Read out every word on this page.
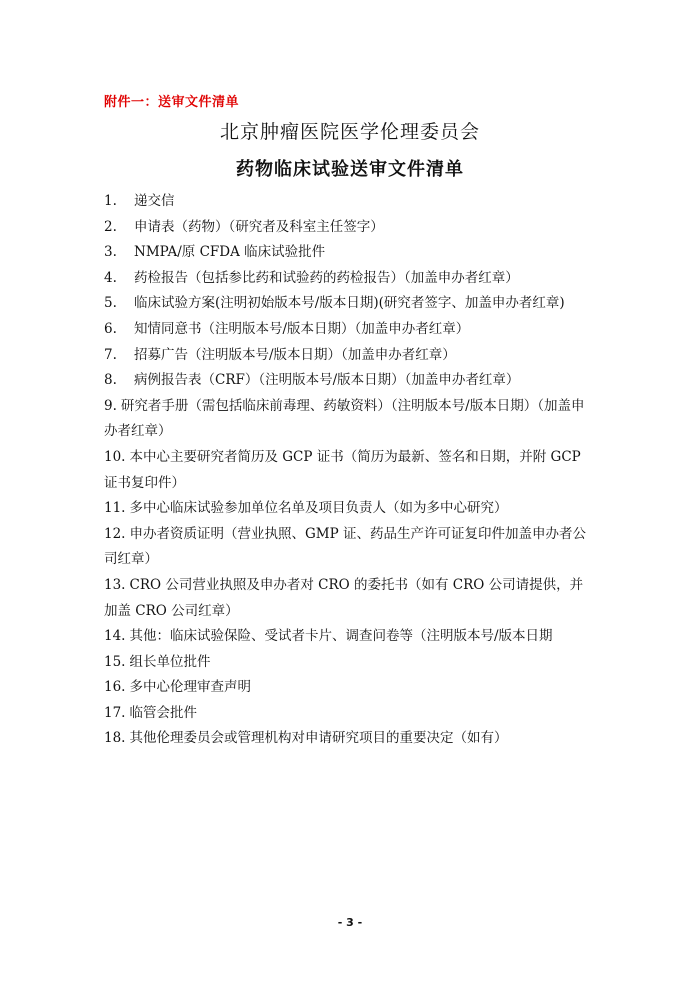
附件一：送审文件清单
北京肿瘤医院医学伦理委员会
药物临床试验送审文件清单
1. 递交信
2. 申请表（药物）（研究者及科室主任签字）
3. NMPA/原 CFDA 临床试验批件
4. 药检报告（包括参比药和试验药的药检报告）（加盖申办者红章）
5. 临床试验方案(注明初始版本号/版本日期)(研究者签字、加盖申办者红章)
6. 知情同意书（注明版本号/版本日期）（加盖申办者红章）
7. 招募广告（注明版本号/版本日期）（加盖申办者红章）
8. 病例报告表（CRF）（注明版本号/版本日期）（加盖申办者红章）
9. 研究者手册（需包括临床前毒理、药敏资料）（注明版本号/版本日期）（加盖申办者红章）
10. 本中心主要研究者简历及 GCP 证书（简历为最新、签名和日期，并附 GCP 证书复印件）
11. 多中心临床试验参加单位名单及项目负责人（如为多中心研究）
12. 申办者资质证明（营业执照、GMP 证、药品生产许可证复印件加盖申办者公司红章）
13. CRO 公司营业执照及申办者对 CRO 的委托书（如有 CRO 公司请提供，并加盖 CRO 公司红章）
14. 其他：临床试验保险、受试者卡片、调查问卷等（注明版本号/版本日期
15. 组长单位批件
16. 多中心伦理审查声明
17. 临管会批件
18. 其他伦理委员会或管理机构对申请研究项目的重要决定（如有）
- 3 -
